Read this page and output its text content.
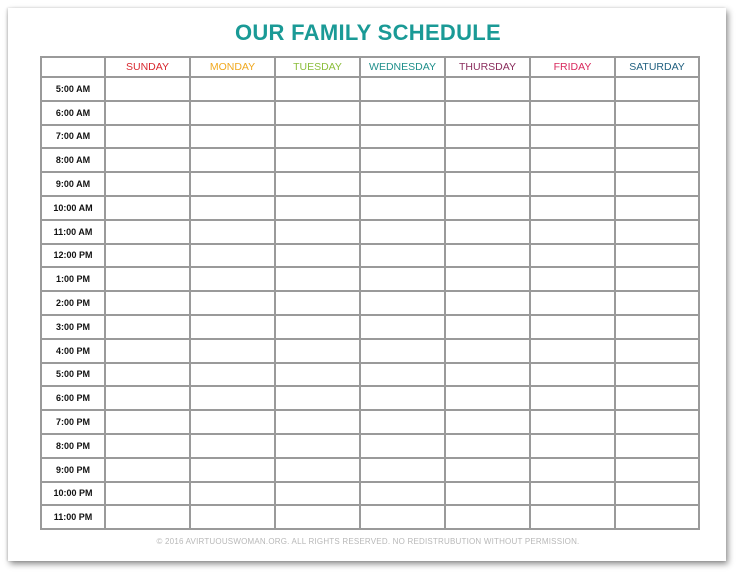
OUR FAMILY SCHEDULE
	SUNDAY	MONDAY	TUESDAY	WEDNESDAY	THURSDAY	FRIDAY	SATURDAY
5:00 AM							
6:00 AM							
7:00 AM							
8:00 AM							
9:00 AM							
10:00 AM							
11:00 AM							
12:00 PM							
1:00 PM							
2:00 PM							
3:00 PM							
4:00 PM							
5:00 PM							
6:00 PM							
7:00 PM							
8:00 PM							
9:00 PM							
10:00 PM							
11:00 PM							
© 2016 AVIRTUOUSWOMAN.ORG. ALL RIGHTS RESERVED. NO REDISTRUBUTION WITHOUT PERMISSION.
